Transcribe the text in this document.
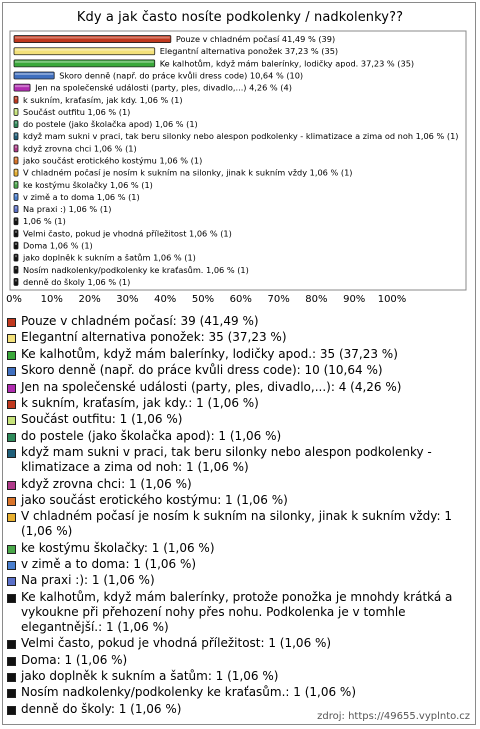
Kdy a jak často nosíte podkolenky / nadkolenky??
Pouze v chladném počasí 41,49 % (39)
Elegantní alternativa ponožek 37,23 % (35)
Ke kalhotům, když mám balerínky, lodičky apod. 37,23 % (35)
Skoro denně (např. do práce kvůli dress code) 10,64 % (10)
Jen na společenské události (party, ples, divadlo,...) 4,26 % (4)
k sukním, kraťasím, jak kdy. 1,06 % (1)
Součást outfitu 1,06 % (1)
do postele (jako školačka apod) 1,06 % (1)
když mam sukni v praci, tak beru silonky nebo alespon podkolenky - klimatizace a zima od noh 1,06 % (1)
když zrovna chci 1,06 % (1)
jako součást erotického kostýmu 1,06 % (1)
V chladném počasí je nosím k sukním na silonky, jinak k sukním vždy 1,06 % (1)
ke kostýmu školačky 1,06 % (1)
v zimě a to doma 1,06 % (1)
Na praxi :) 1,06 % (1)
1,06 % (1)
Velmi často, pokud je vhodná příležitost 1,06 % (1)
Doma 1,06 % (1)
jako doplněk k sukním a šatům 1,06 % (1)
Nosím nadkolenky/podkolenky ke kraťasům. 1,06 % (1)
denně do školy 1,06 % (1)
0% 10% 20% 30% 40% 50% 60% 70% 80% 90% 100%
Pouze v chladném počasí: 39 (41,49 %)
Elegantní alternativa ponožek: 35 (37,23 %)
Ke kalhotům, když mám balerínky, lodičky apod.: 35 (37,23 %)
Skoro denně (např. do práce kvůli dress code): 10 (10,64 %)
Jen na společenské události (party, ples, divadlo,...): 4 (4,26 %)
k sukním, kraťasím, jak kdy.: 1 (1,06 %)
Součást outfitu: 1 (1,06 %)
do postele (jako školačka apod): 1 (1,06 %)
když mam sukni v praci, tak beru silonky nebo alespon podkolenky - klimatizace a zima od noh: 1 (1,06 %)
když zrovna chci: 1 (1,06 %)
jako součást erotického kostýmu: 1 (1,06 %)
V chladném počasí je nosím k sukním na silonky, jinak k sukním vždy: 1 (1,06 %)
ke kostýmu školačky: 1 (1,06 %)
v zimě a to doma: 1 (1,06 %)
Na praxi :): 1 (1,06 %)
Ke kalhotům, když mám balerínky, protože ponožka je mnohdy krátká a vykoukne při přehození nohy přes nohu. Podkolenka je v tomhle elegantnější.: 1 (1,06 %)
Velmi často, pokud je vhodná příležitost: 1 (1,06 %)
Doma: 1 (1,06 %)
jako doplněk k sukním a šatům: 1 (1,06 %)
Nosím nadkolenky/podkolenky ke kraťasům.: 1 (1,06 %)
denně do školy: 1 (1,06 %)
zdroj: https://49655.vyplnto.cz
